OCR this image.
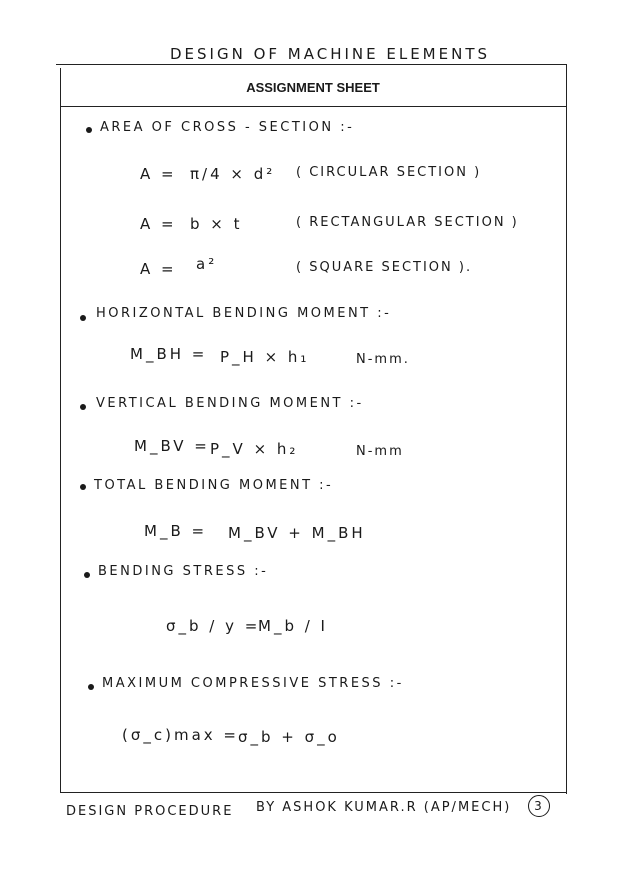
DESIGN OF MACHINE ELEMENTS
ASSIGNMENT SHEET
AREA OF CROSS - SECTION :-
A = π/4 × d² ( CIRCULAR SECTION )
A = b × t	( RECTANGULAR SECTION )
A = a²	( SQUARE SECTION ).
HORIZONTAL BENDING MOMENT :-
M_BH = P_H × h₁	N-mm.
VERTICAL BENDING MOMENT :-
M_BV = P_V × h₂	N-mm
TOTAL BENDING MOMENT :-
M_B = M_BV + M_BH
BENDING STRESS :-
σ_b / y =
M_b / I
MAXIMUM COMPRESSIVE STRESS :-
(σ_c)max = σ_b + σ_o
DESIGN PROCEDURE BY ASHOK KUMAR.R (AP/MECH)	3
